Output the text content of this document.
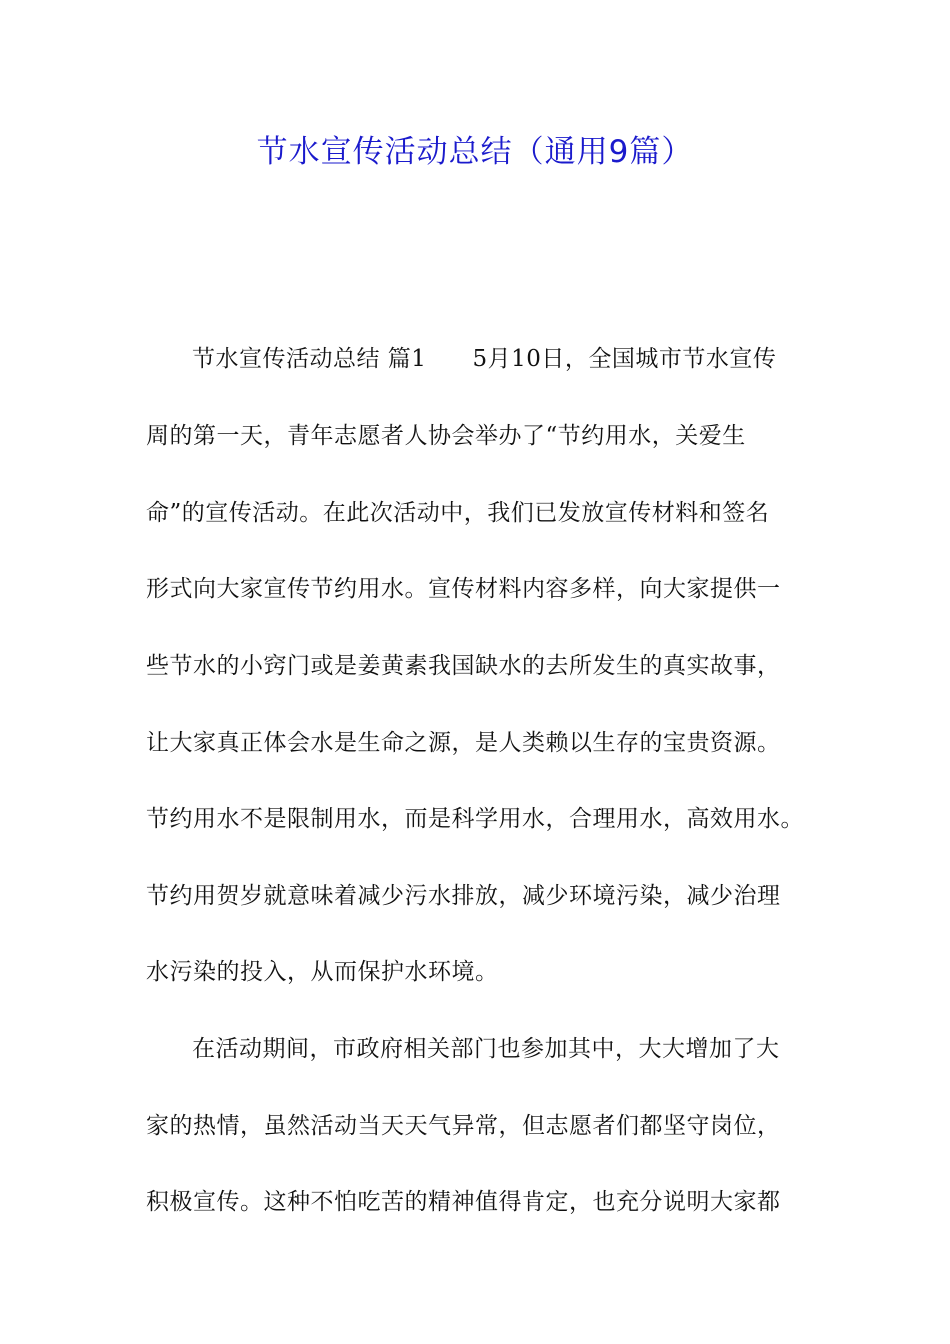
节水宣传活动总结（通用9篇）
节水宣传活动总结 篇1 5月10日，全国城市节水宣传
周的第一天，青年志愿者人协会举办了“节约用水，关爱生
命”的宣传活动。在此次活动中，我们已发放宣传材料和签名
形式向大家宣传节约用水。宣传材料内容多样，向大家提供一
些节水的小窍门或是姜黄素我国缺水的去所发生的真实故事，
让大家真正体会水是生命之源，是人类赖以生存的宝贵资源。
节约用水不是限制用水，而是科学用水，合理用水，高效用水。
节约用贺岁就意味着减少污水排放，减少环境污染，减少治理
水污染的投入，从而保护水环境。
在活动期间，市政府相关部门也参加其中，大大增加了大
家的热情，虽然活动当天天气异常，但志愿者们都坚守岗位，
积极宣传。这种不怕吃苦的精神值得肯定，也充分说明大家都
